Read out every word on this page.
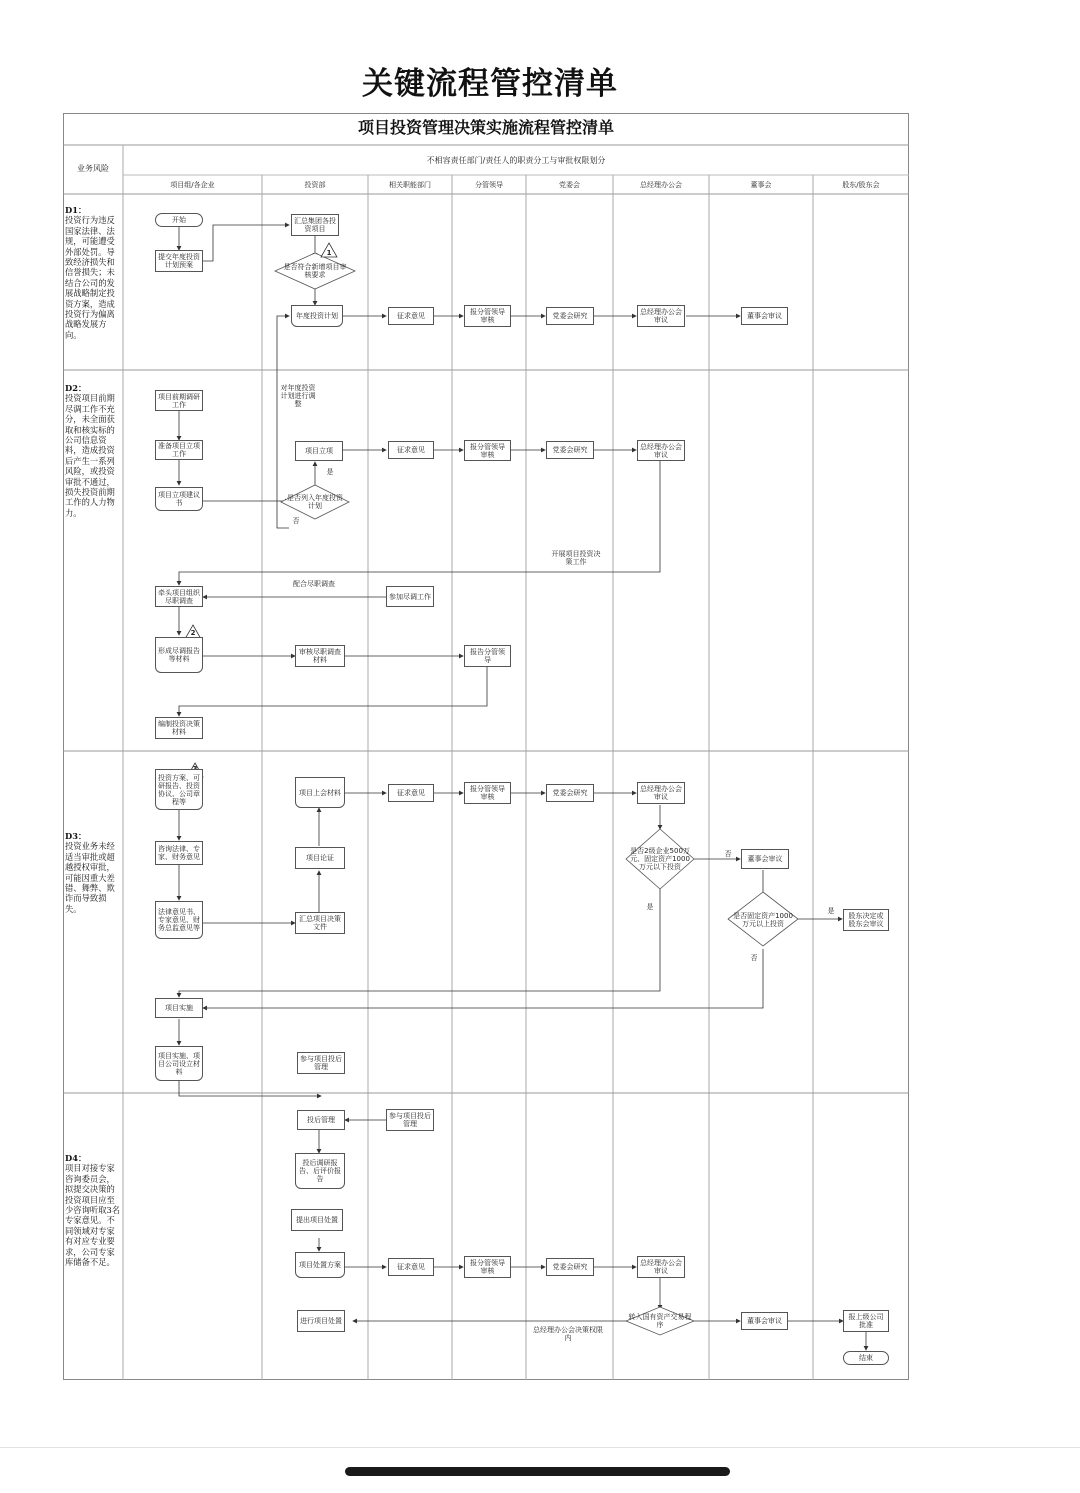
关键流程管控清单
项目投资管理决策实施流程管控清单
业务风险
不相容责任部门/责任人的职责分工与审批权限划分
项目组/各企业	投资部	相关职能部门	分管领导	党委会	总经理办公会	董事会	股东/股东会
D1：
投资行为违反国家法律、法规，可能遭受外部处罚。导致经济损失和信誉损失；未结合公司的发展战略制定投资方案，造成投资行为偏离战略发展方向。
D2：
投资项目前期尽调工作不充分，未全面获取和核实标的公司信息资料，造成投资后产生一系列风险，或投资审批不通过，损失投资前期工作的人力物力。
D3：
投资业务未经适当审批或超越授权审批，可能因重大差错、舞弊、欺诈而导致损失。
D4：
项目对接专家咨询委员会，拟提交决策的投资项目应至少咨询听取3名专家意见。不同领域对专家有对应专业要求，公司专家库储备不足。
开始
提交年度投资计划预案
汇总集团各投资项目
1
是否符合新增项目审核要求
年度投资计划	征求意见	报分管领导审核	党委会研究	总经理办公会审议	董事会审议
对年度投资计划进行调整
项目前期调研工作
准备项目立项工作
项目立项建议书
项目立项
是
是否列入年度投资计划
否
征求意见	报分管领导审核
党委会研究	总经理办公会审议
开展项目投资决策工作
配合尽职调查
牵头项目组织尽职调查	参加尽调工作
2
形成尽调报告等材料
审核尽职调查材料
报告分管领导
编制投资决策材料
投资方案、可研报告、投资协议、公司章程等
项目上会材料	征求意见	报分管领导审核	党委会研究	总经理办公会审议
咨询法律、专家、财务意见	项目论证
是否2级企业500万元、固定资产1000万元以下投资
否
董事会审议
是
法律意见书、专家意见、财务总监意见等
汇总项目决策文件
是否固定资产1000万元以上投资
是
股东决定或股东会审议
否
项目实施
项目实施、项目公司设立材料
参与项目投后管理
投后管理	参与项目投后管理
投后调研报告、后评价报告
提出项目处置
项目处置方案	征求意见	报分管领导审核	党委会研究	总经理办公会审议
转入国有资产交易程序
进行项目处置	董事会审议	报上级公司批准
总经理办公会决策权限内
结束
